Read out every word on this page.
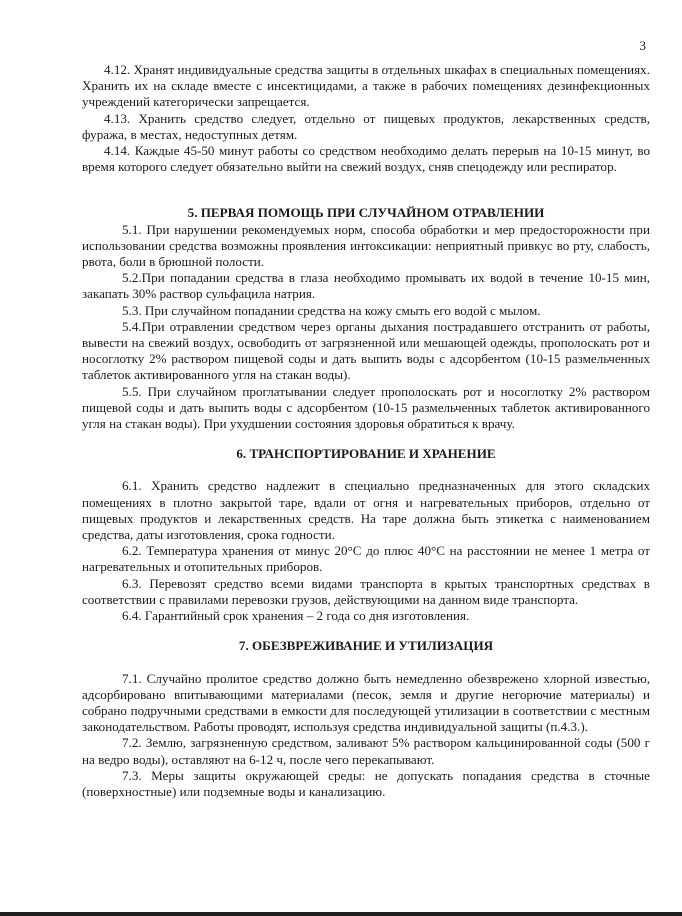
3

4.12. Хранят индивидуальные средства защиты в отдельных шкафах в специальных помещениях. Хранить их на складе вместе с инсектицидами, а также в рабочих помещениях дезинфекционных учреждений категорически запрещается.

4.13. Хранить средство следует, отдельно от пищевых продуктов, лекарственных средств, фуража, в местах, недоступных детям.

4.14. Каждые 45-50 минут работы со средством необходимо делать перерыв на 10-15 минут, во время которого следует обязательно выйти на свежий воздух, сняв спецодежду или респиратор.

5. ПЕРВАЯ ПОМОЩЬ ПРИ СЛУЧАЙНОМ ОТРАВЛЕНИИ

5.1. При нарушении рекомендуемых норм, способа обработки и мер предосторожности при использовании средства возможны проявления интоксикации: неприятный привкус во рту, слабость, рвота, боли в брюшной полости.

5.2.При попадании средства в глаза необходимо промывать их водой в течение 10-15 мин, закапать 30% раствор сульфацила натрия.

5.3. При случайном попадании средства на кожу смыть его водой с мылом.

5.4.При отравлении средством через органы дыхания пострадавшего отстранить от работы, вывести на свежий воздух, освободить от загрязненной или мешающей одежды, прополоскать рот и носоглотку 2% раствором пищевой соды и дать выпить воды с адсорбентом (10-15 размельченных таблеток активированного угля на стакан воды).

5.5. При случайном проглатывании следует прополоскать рот и носоглотку 2% раствором пищевой соды и дать выпить воды с адсорбентом (10-15 размельченных таблеток активированного угля на стакан воды). При ухудшении состояния здоровья обратиться к врачу.

6. ТРАНСПОРТИРОВАНИЕ И ХРАНЕНИЕ

6.1. Хранить средство надлежит в специально предназначенных для этого складских помещениях в плотно закрытой таре, вдали от огня и нагревательных приборов, отдельно от пищевых продуктов и лекарственных средств. На таре должна быть этикетка с наименованием средства, даты изготовления, срока годности.

6.2. Температура хранения от минус 20°С до плюс 40°С на расстоянии не менее 1 метра от нагревательных и отопительных приборов.

6.3. Перевозят средство всеми видами транспорта в крытых транспортных средствах в соответствии с правилами перевозки грузов, действующими на данном виде транспорта.

6.4. Гарантийный срок хранения – 2 года со дня изготовления.

7. ОБЕЗВРЕЖИВАНИЕ И УТИЛИЗАЦИЯ

7.1. Случайно пролитое средство должно быть немедленно обезврежено хлорной известью, адсорбировано впитывающими материалами (песок, земля и другие негорючие материалы) и собрано подручными средствами в емкости для последующей утилизации в соответствии с местным законодательством. Работы проводят, используя средства индивидуальной защиты (п.4.3.).

7.2. Землю, загрязненную средством, заливают 5% раствором кальцинированной соды (500 г на ведро воды), оставляют на 6-12 ч, после чего перекапывают.

7.3. Меры защиты окружающей среды: не допускать попадания средства в сточные (поверхностные) или подземные воды и канализацию.
